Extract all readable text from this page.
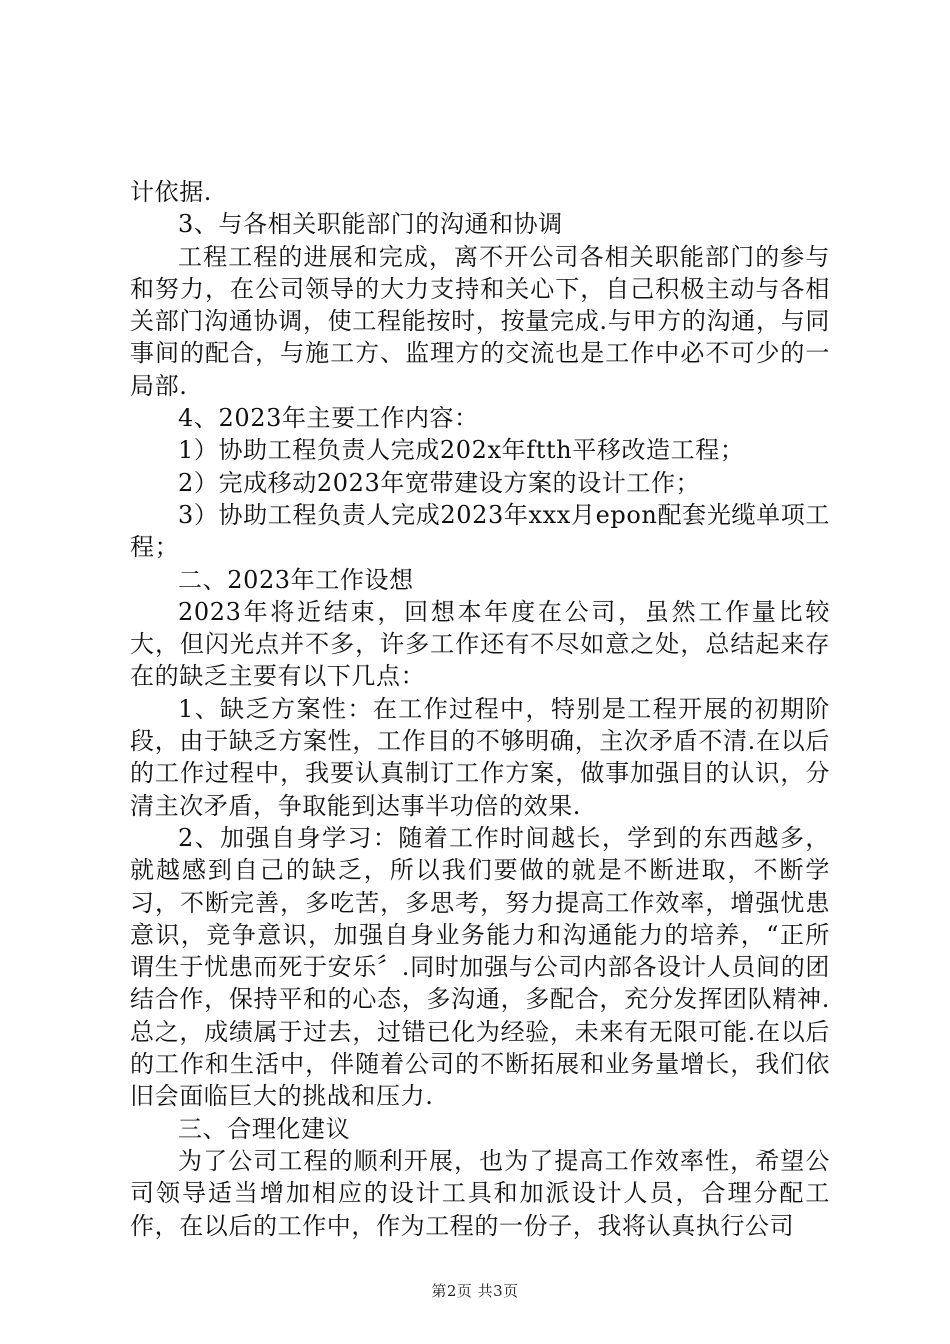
计依据.

3、与各相关职能部门的沟通和协调

工程工程的进展和完成，离不开公司各相关职能部门的参与和努力，在公司领导的大力支持和关心下，自己积极主动与各相关部门沟通协调，使工程能按时，按量完成.与甲方的沟通，与同事间的配合，与施工方、监理方的交流也是工作中必不可少的一局部.

4、2023年主要工作内容：

1）协助工程负责人完成202x年ftth平移改造工程；

2）完成移动2023年宽带建设方案的设计工作；

3）协助工程负责人完成2023年xxx月epon配套光缆单项工程；

二、2023年工作设想

2023年将近结束，回想本年度在公司，虽然工作量比较大，但闪光点并不多，许多工作还有不尽如意之处，总结起来存在的缺乏主要有以下几点：

1、缺乏方案性：在工作过程中，特别是工程开展的初期阶段，由于缺乏方案性，工作目的不够明确，主次矛盾不清.在以后的工作过程中，我要认真制订工作方案，做事加强目的认识，分清主次矛盾，争取能到达事半功倍的效果.

2、加强自身学习：随着工作时间越长，学到的东西越多，就越感到自己的缺乏，所以我们要做的就是不断进取，不断学习，不断完善，多吃苦，多思考，努力提高工作效率，增强忧患意识，竞争意识，加强自身业务能力和沟通能力的培养，“正所谓生于忧患而死于安乐〞.同时加强与公司内部各设计人员间的团结合作，保持平和的心态，多沟通，多配合，充分发挥团队精神.总之，成绩属于过去，过错已化为经验，未来有无限可能.在以后的工作和生活中，伴随着公司的不断拓展和业务量增长，我们依旧会面临巨大的挑战和压力.

三、合理化建议

为了公司工程的顺利开展，也为了提高工作效率性，希望公司领导适当增加相应的设计工具和加派设计人员，合理分配工作，在以后的工作中，作为工程的一份子，我将认真执行公司

第2页 共3页
